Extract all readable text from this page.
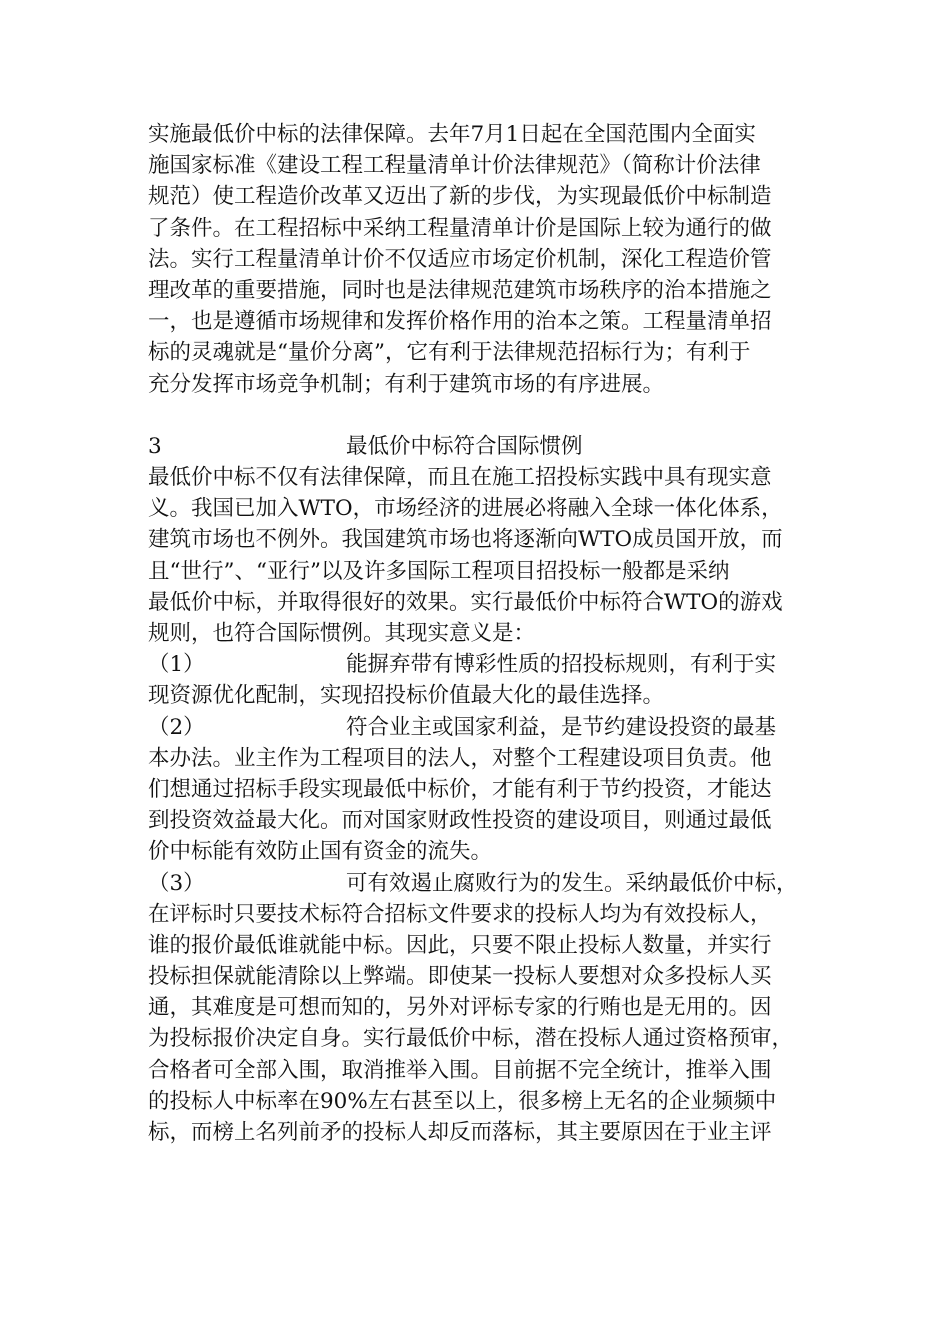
实施最低价中标的法律保障。去年7月1日起在全国范围内全面实
施国家标准《建设工程工程量清单计价法律规范》（简称计价法律
规范）使工程造价改革又迈出了新的步伐，为实现最低价中标制造
了条件。在工程招标中采纳工程量清单计价是国际上较为通行的做
法。实行工程量清单计价不仅适应市场定价机制，深化工程造价管
理改革的重要措施，同时也是法律规范建筑市场秩序的治本措施之
一，也是遵循市场规律和发挥价格作用的治本之策。工程量清单招
标的灵魂就是“量价分离”，它有利于法律规范招标行为；有利于
充分发挥市场竞争机制；有利于建筑市场的有序进展。
3	最低价中标符合国际惯例
最低价中标不仅有法律保障，而且在施工招投标实践中具有现实意
义。我国已加入WTO，市场经济的进展必将融入全球一体化体系，
建筑市场也不例外。我国建筑市场也将逐渐向WTO成员国开放，而
且“世行”、“亚行”以及许多国际工程项目招投标一般都是采纳
最低价中标，并取得很好的效果。实行最低价中标符合WTO的游戏
规则，也符合国际惯例。其现实意义是：
（1）	能摒弃带有博彩性质的招投标规则，有利于实
现资源优化配制，实现招投标价值最大化的最佳选择。
（2）	符合业主或国家利益，是节约建设投资的最基
本办法。业主作为工程项目的法人，对整个工程建设项目负责。他
们想通过招标手段实现最低中标价，才能有利于节约投资，才能达
到投资效益最大化。而对国家财政性投资的建设项目，则通过最低
价中标能有效防止国有资金的流失。
（3）	可有效遏止腐败行为的发生。采纳最低价中标，
在评标时只要技术标符合招标文件要求的投标人均为有效投标人，
谁的报价最低谁就能中标。因此，只要不限止投标人数量，并实行
投标担保就能清除以上弊端。即使某一投标人要想对众多投标人买
通，其难度是可想而知的，另外对评标专家的行贿也是无用的。因
为投标报价决定自身。实行最低价中标，潜在投标人通过资格预审，
合格者可全部入围，取消推举入围。目前据不完全统计，推举入围
的投标人中标率在90%左右甚至以上，很多榜上无名的企业频频中
标，而榜上名列前矛的投标人却反而落标，其主要原因在于业主评
